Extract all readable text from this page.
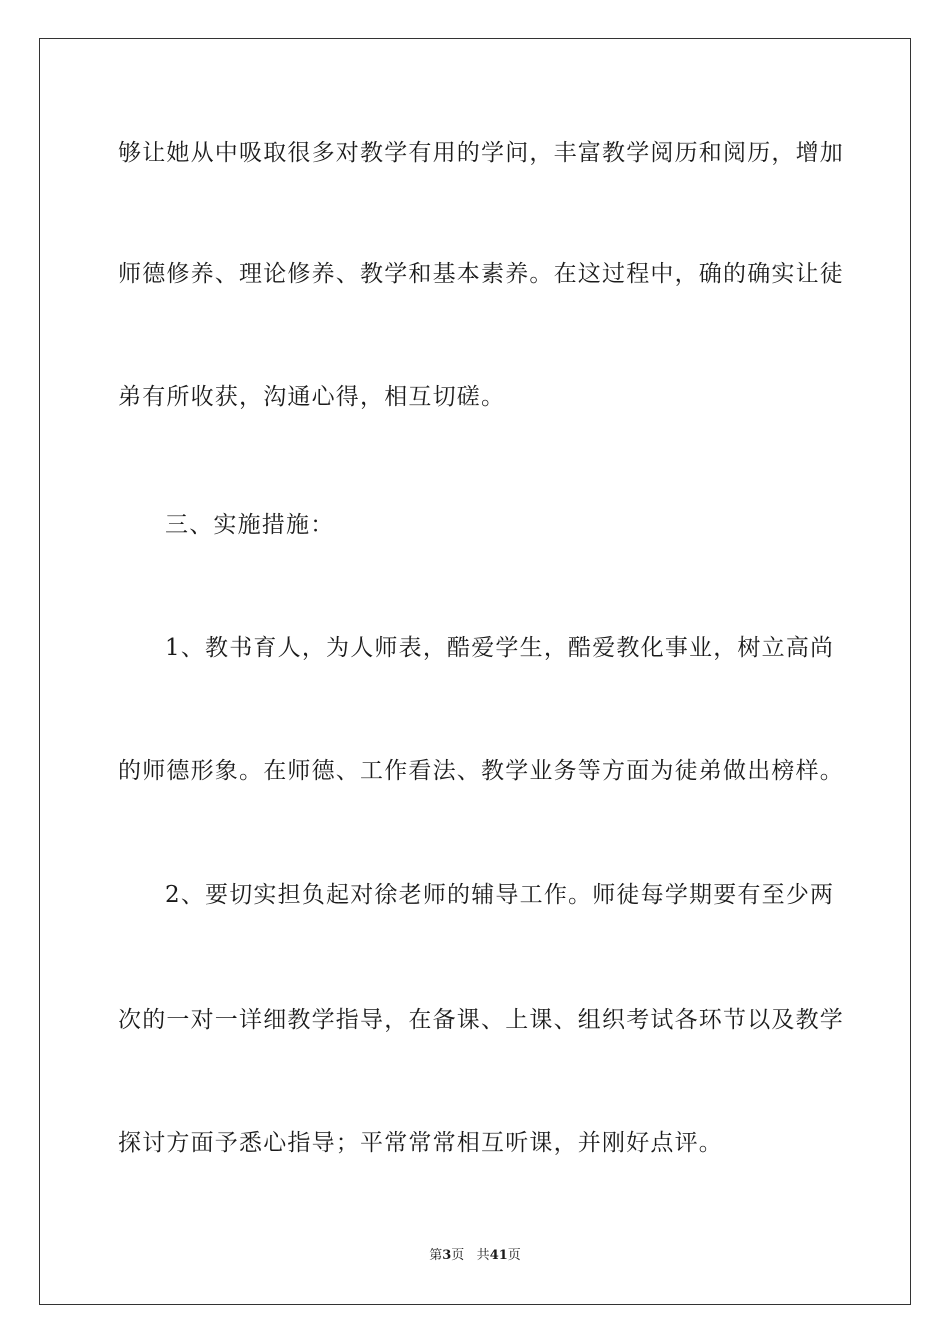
够让她从中吸取很多对教学有用的学问，丰富教学阅历和阅历，增加
师德修养、理论修养、教学和基本素养。在这过程中，确的确实让徒
弟有所收获，沟通心得，相互切磋。
三、实施措施：
1、教书育人，为人师表，酷爱学生，酷爱教化事业，树立高尚
的师德形象。在师德、工作看法、教学业务等方面为徒弟做出榜样。
2、要切实担负起对徐老师的辅导工作。师徒每学期要有至少两
次的一对一详细教学指导，在备课、上课、组织考试各环节以及教学
探讨方面予悉心指导；平常常常相互听课，并刚好点评。
第3页 共41页
